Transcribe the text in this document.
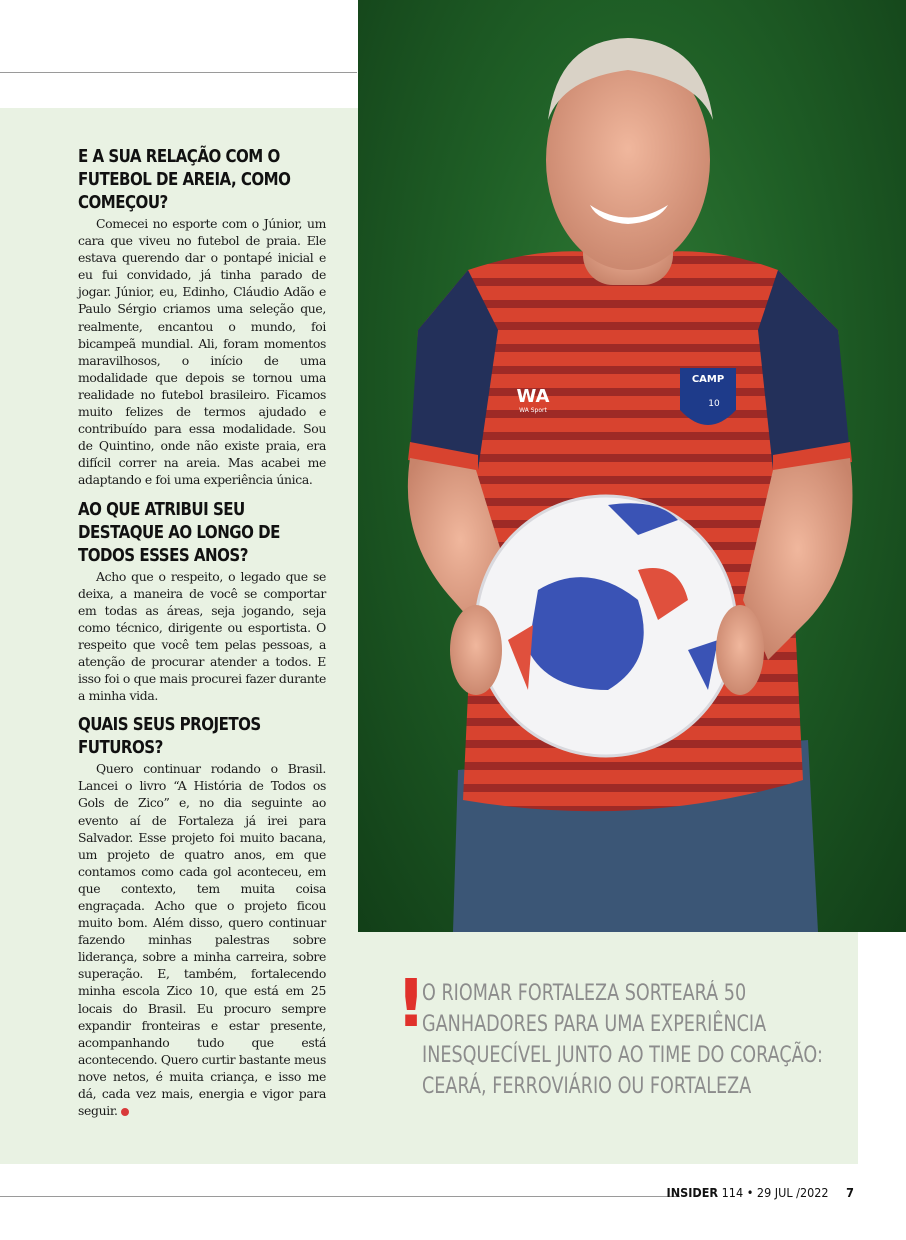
CAMP
10
WA
WA Sport
E A SUA RELAÇÃO COM O FUTEBOL DE AREIA, COMO COMEÇOU?

Comecei no esporte com o Júnior, um cara que viveu no futebol de praia. Ele estava querendo dar o pontapé inicial e eu fui convidado, já tinha parado de jogar. Júnior, eu, Edinho, Cláudio Adão e Paulo Sérgio criamos uma seleção que, realmente, encantou o mundo, foi bicampeã mundial. Ali, foram momentos maravilhosos, o início de uma modalidade que depois se tornou uma realidade no futebol brasileiro. Ficamos muito felizes de termos ajudado e contribuído para essa modalidade. Sou de Quintino, onde não existe praia, era difícil correr na areia. Mas acabei me adaptando e foi uma experiência única.

AO QUE ATRIBUI SEU DESTAQUE AO LONGO DE TODOS ESSES ANOS?

Acho que o respeito, o legado que se deixa, a maneira de você se comportar em todas as áreas, seja jogando, seja como técnico, dirigente ou esportista. O respeito que você tem pelas pessoas, a atenção de procurar atender a todos. E isso foi o que mais procurei fazer durante a minha vida.

QUAIS SEUS PROJETOS FUTUROS?

Quero continuar rodando o Brasil. Lancei o livro “A História de Todos os Gols de Zico” e, no dia seguinte ao evento aí de Fortaleza já irei para Salvador. Esse projeto foi muito bacana, um projeto de quatro anos, em que contamos como cada gol aconteceu, em que contexto, tem muita coisa engraçada. Acho que o projeto ficou muito bom. Além disso, quero continuar fazendo minhas palestras sobre liderança, sobre a minha carreira, sobre superação. E, também, fortalecendo minha escola Zico 10, que está em 25 locais do Brasil. Eu procuro sempre expandir fronteiras e estar presente, acompanhando tudo que está acontecendo. Quero curtir bastante meus nove netos, é muita criança, e isso me dá, cada vez mais, energia e vigor para seguir.

!
O RIOMAR FORTALEZA SORTEARÁ 50
GANHADORES PARA UMA EXPERIÊNCIA
INESQUECÍVEL JUNTO AO TIME DO CORAÇÃO:
CEARÁ, FERROVIÁRIO OU FORTALEZA
INSIDER 114 • 29 JUL /2022 7
